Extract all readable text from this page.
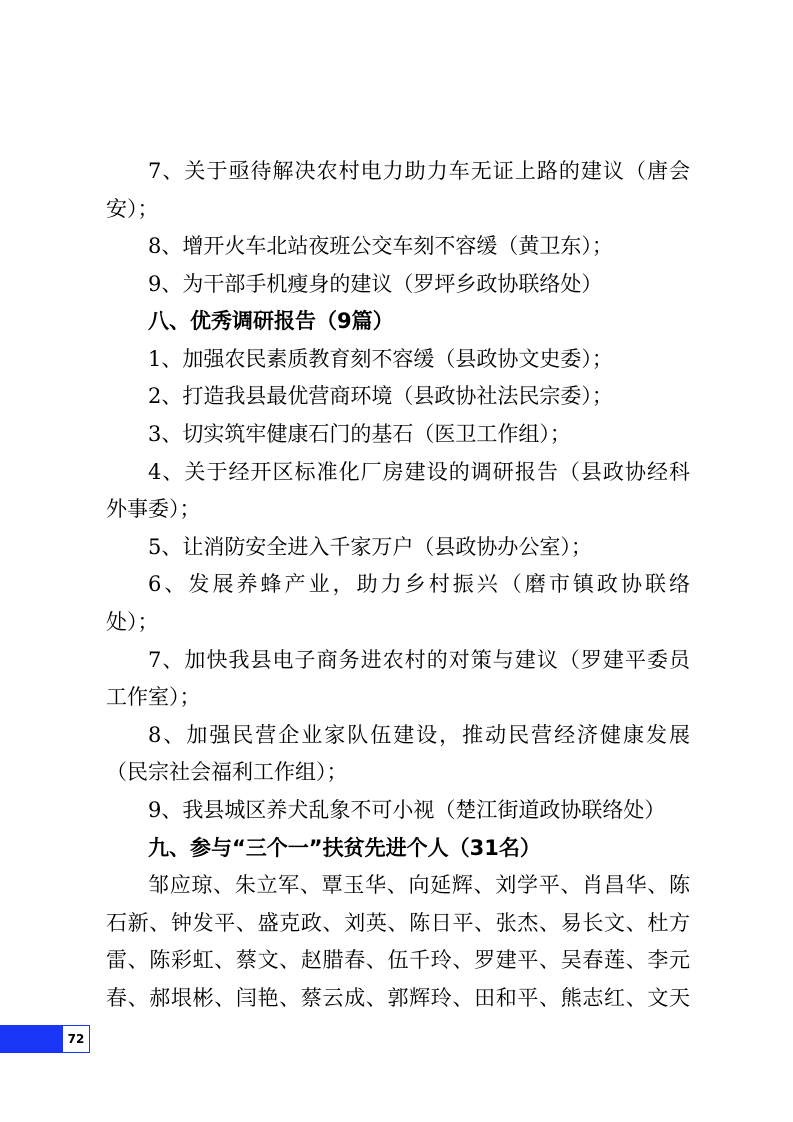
7、关于亟待解决农村电力助力车无证上路的建议（唐会
安）；
8、增开火车北站夜班公交车刻不容缓（黄卫东）；
9、为干部手机瘦身的建议（罗坪乡政协联络处）
八、优秀调研报告（9篇）
1、加强农民素质教育刻不容缓（县政协文史委）；
2、打造我县最优营商环境（县政协社法民宗委）；
3、切实筑牢健康石门的基石（医卫工作组）；
4、关于经开区标准化厂房建设的调研报告（县政协经科
外事委）；
5、让消防安全进入千家万户（县政协办公室）；
6、发展养蜂产业，助力乡村振兴（磨市镇政协联络
处）；
7、加快我县电子商务进农村的对策与建议（罗建平委员
工作室）；
8、加强民营企业家队伍建设，推动民营经济健康发展
（民宗社会福利工作组）；
9、我县城区养犬乱象不可小视（楚江街道政协联络处）
九、参与“三个一”扶贫先进个人（31名）
邹应琼、朱立军、覃玉华、向延辉、刘学平、肖昌华、陈
石新、钟发平、盛克政、刘英、陈日平、张杰、易长文、杜方
雷、陈彩虹、蔡文、赵腊春、伍千玲、罗建平、吴春莲、李元
春、郝垠彬、闫艳、蔡云成、郭辉玲、田和平、熊志红、文天
72
